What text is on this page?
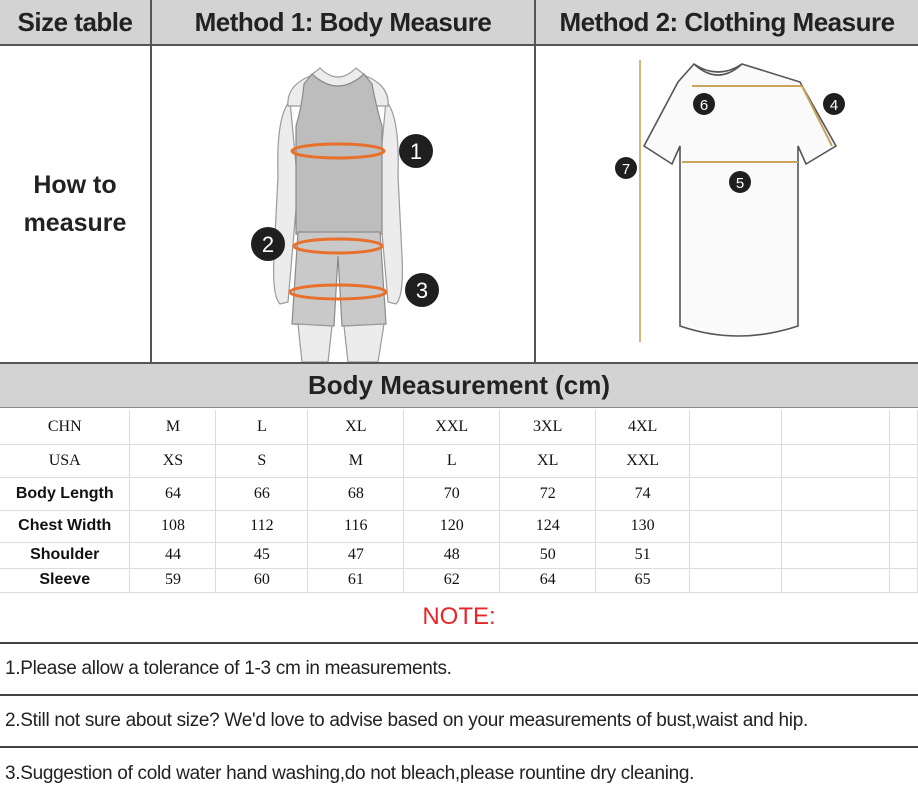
Size table Method 1: Body Measure	Method 2: Clothing Measure
How to
measure
1
2
3
4
5
6
7
Body Measurement (cm)
CHN	M	L	XL	XXL	3XL	4XL			
USA	XS	S	M	L	XL	XXL			
Body Length	64	66	68	70	72	74			
Chest Width	108	112	116	120	124	130			
Shoulder	44	45	47	48	50	51			
Sleeve	59	60	61	62	64	65			
NOTE:
1.Please allow a tolerance of 1-3 cm in measurements.
2.Still not sure about size? We'd love to advise based on your measurements of bust,waist and hip.
3.Suggestion of cold water hand washing,do not bleach,please rountine dry cleaning.
